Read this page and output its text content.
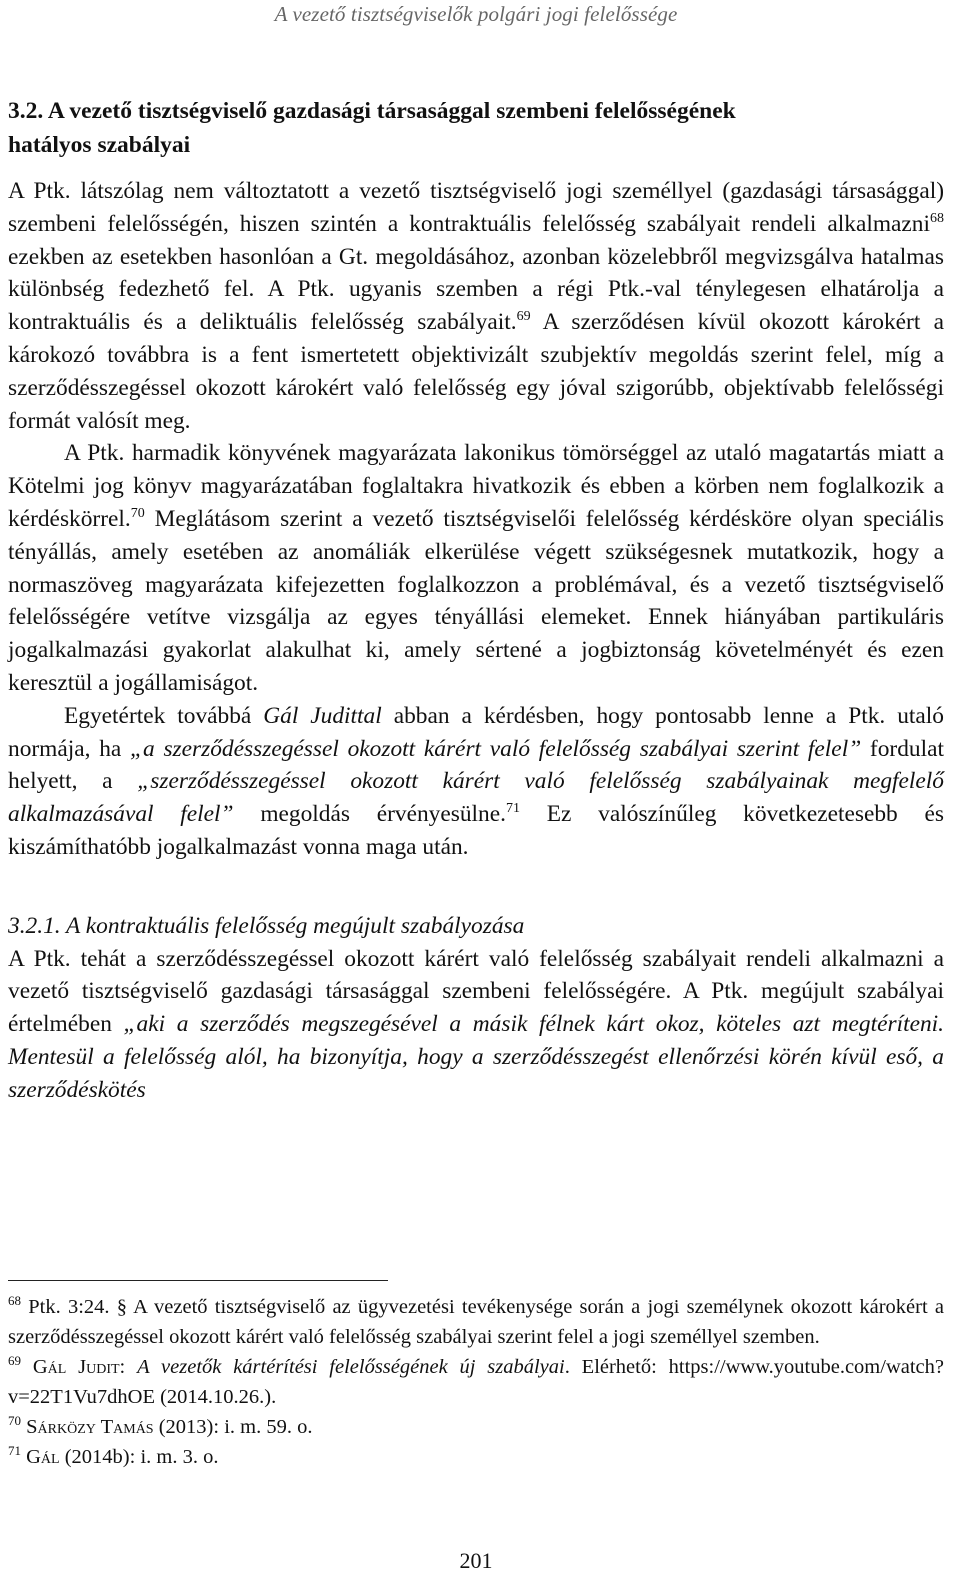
A vezető tisztségviselők polgári jogi felelőssége
3.2. A vezető tisztségviselő gazdasági társasággal szembeni felelősségének
hatályos szabályai

A Ptk. látszólag nem változtatott a vezető tisztségviselő jogi személlyel (gazdasági társasággal) szembeni felelősségén, hiszen szintén a kontraktuális felelősség szabályait rendeli alkalmazni$^{68}$ ezekben az esetekben hasonlóan a Gt. megoldásához, azonban közelebbről megvizsgálva hatalmas különbség fedezhető fel. A Ptk. ugyanis szemben a régi Ptk.-val ténylegesen elhatárolja a kontraktuális és a deliktuális felelősség szabályait.$^{69}$ A szerződésen kívül okozott károkért a károkozó továbbra is a fent ismertetett objektivizált szubjektív megoldás szerint felel, míg a szerződésszegéssel okozott károkért való felelősség egy jóval szigorúbb, objektívabb felelősségi formát valósít meg.

A Ptk. harmadik könyvének magyarázata lakonikus tömörséggel az utaló magatartás miatt a Kötelmi jog könyv magyarázatában foglaltakra hivatkozik és ebben a körben nem foglalkozik a kérdéskörrel.$^{70}$ Meglátásom szerint a vezető tisztségviselői felelősség kérdésköre olyan speciális tényállás, amely esetében az anomáliák elkerülése végett szükségesnek mutatkozik, hogy a normaszöveg magyarázata kifejezetten foglalkozzon a problémával, és a vezető tisztségviselő felelősségére vetítve vizsgálja az egyes tényállási elemeket. Ennek hiányában partikuláris jogalkalmazási gyakorlat alakulhat ki, amely sértené a jogbiztonság követelményét és ezen keresztül a jogállamiságot.

Egyetértek továbbá Gál Judittal abban a kérdésben, hogy pontosabb lenne a Ptk. utaló normája, ha „a szerződésszegéssel okozott kárért való felelősség szabályai szerint felel” fordulat helyett, a „szerződésszegéssel okozott kárért való felelősség szabályainak megfelelő alkalmazásával felel” megoldás érvényesülne.$^{71}$ Ez valószínűleg következetesebb és kiszámíthatóbb jogalkalmazást vonna maga után.

3.2.1. A kontraktuális felelősség megújult szabályozása

A Ptk. tehát a szerződésszegéssel okozott kárért való felelősség szabályait rendeli alkalmazni a vezető tisztségviselő gazdasági társasággal szembeni felelősségére. A Ptk. megújult szabályai értelmében „aki a szerződés megszegésével a másik félnek kárt okoz, köteles azt megtéríteni. Mentesül a felelősség alól, ha bizonyítja, hogy a szerződésszegést ellenőrzési körén kívül eső, a szerződéskötés

$^{68}$ Ptk. 3:24. § A vezető tisztségviselő az ügyvezetési tevékenysége során a jogi személynek okozott károkért a szerződésszegéssel okozott kárért való felelősség szabályai szerint felel a jogi személlyel szemben.

$^{69}$ Gál Judit: A vezetők kártérítési felelősségének új szabályai. Elérhető: https://www.youtube.com/watch?v=22T1Vu7dhOE (2014.10.26.).

$^{70}$ Sárközy Tamás (2013): i. m. 59. o.

$^{71}$ Gál (2014b): i. m. 3. o.

201
